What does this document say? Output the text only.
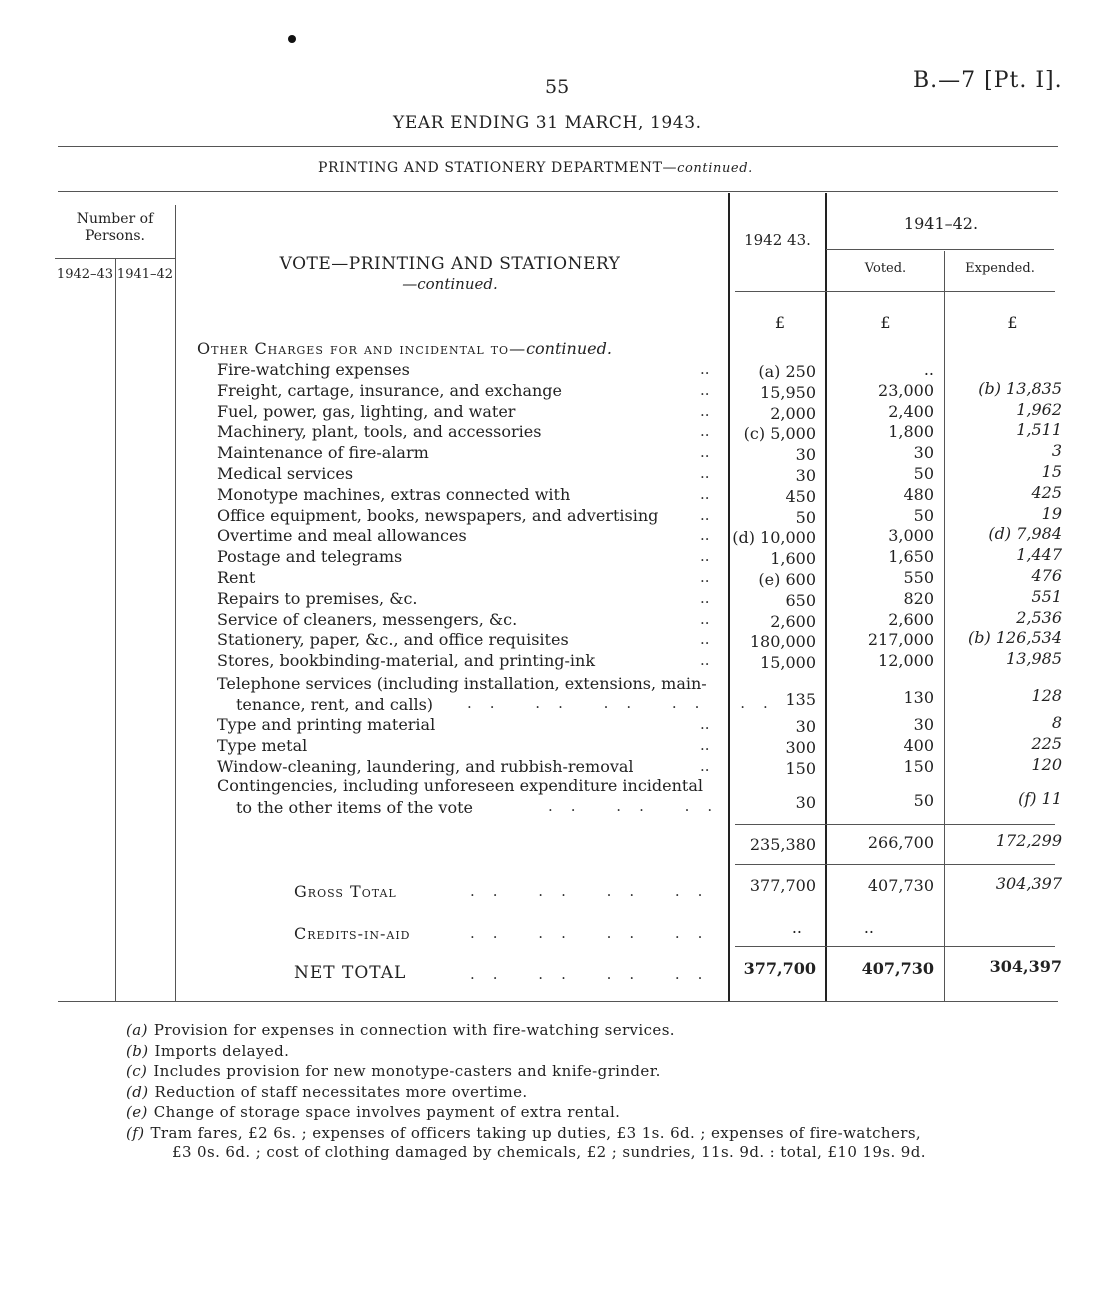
55	B.—7 [Pt. I].
YEAR ENDING 31 MARCH, 1943.
PRINTING AND STATIONERY DEPARTMENT—continued.
Number of Persons.
1942–43 1941–42
VOTE—PRINTING AND STATIONERY
—continued.
1942 43.
1941–42.
Voted.	Expended.
£	£	£
Other Charges for and incidental to—continued.
Fire-watching expenses	..	(a) 250	..
Freight, cartage, insurance, and exchange	..	15,950	23,000	(b) 13,835
Fuel, power, gas, lighting, and water	..	2,000	2,400	1,962
Machinery, plant, tools, and accessories	.. (c) 5,000	1,800	1,511
Maintenance of fire-alarm	..	30	30	3
Medical services	..	30	50	15
Monotype machines, extras connected with	..	450	480	425
Office equipment, books, newspapers, and advertising	..	50	50	19
Overtime and meal allowances	.. (d) 10,000	3,000	(d) 7,984
Postage and telegrams	..	1,600	1,650	1,447
Rent	..	(e) 600	550	476
Repairs to premises, &c.	..	650	820	551
Service of cleaners, messengers, &c.	..	2,600	2,600	2,536
Stationery, paper, &c., and office requisites	..	180,000	217,000 (b) 126,534
Stores, bookbinding-material, and printing-ink	..	15,000	12,000	13,985
Telephone services (including installation, extensions, main-
tenance, rent, and calls) .. .. .. .. .. 135	130	128
Type and printing material	..	30	30	8
Type metal	..	300	400	225
Window-cleaning, laundering, and rubbish-removal	..	150	150	120
Contingencies, including unforeseen expenditure incidental
to the other items of the vote	.. .. ..	30	50	(f) 11
235,380	266,700	172,299
Gross Total	.. .. .. .. 377,700	407,730	304,397
Credits-in-aid	.. .. .. ..	..	..
NET TOTAL	.. .. .. .. 377,700	407,730	304,397
(a) Provision for expenses in connection with fire-watching services.
(b) Imports delayed.
(c) Includes provision for new monotype-casters and knife-grinder.
(d) Reduction of staff necessitates more overtime.
(e) Change of storage space involves payment of extra rental.
(f) Tram fares, £2 6s. ; expenses of officers taking up duties, £3 1s. 6d. ; expenses of fire-watchers,
£3 0s. 6d. ; cost of clothing damaged by chemicals, £2 ; sundries, 11s. 9d. : total, £10 19s. 9d.
